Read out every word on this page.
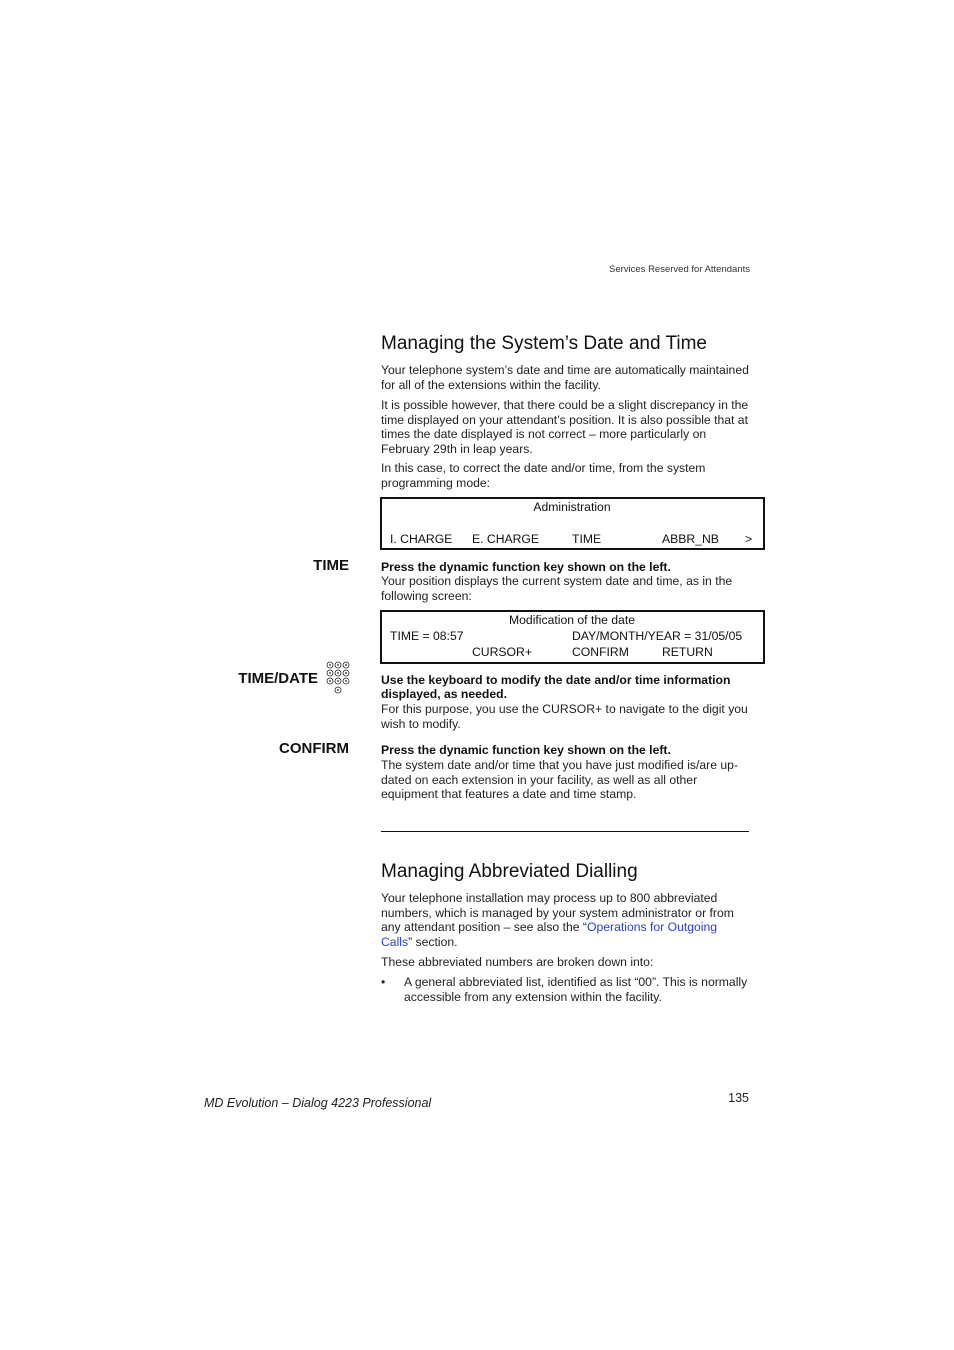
Services Reserved for Attendants
Managing the System’s Date and Time

Your telephone system’s date and time are automatically maintained for all of the extensions within the facility.

It is possible however, that there could be a slight discrepancy in the time displayed on your attendant’s position. It is also possible that at times the date displayed is not correct – more particularly on February 29th in leap years.

In this case, to correct the date and/or time, from the system programming mode:

Administration
I. CHARGE E. CHARGE	TIME	ABBR_NB >
TIME	Press the dynamic function key shown on the left.

Your position displays the current system date and time, as in the following screen:

Modification of the date
TIME = 08:57	DAY/MONTH/YEAR = 31/05/05
CURSOR+	CONFIRM	RETURN
TIME/DATE	Use the keyboard to modify the date and/or time information displayed, as needed.

For this purpose, you use the CURSOR+ to navigate to the digit you wish to modify.

CONFIRM	Press the dynamic function key shown on the left.

The system date and/or time that you have just modified is/are up-dated on each extension in your facility, as well as all other equipment that features a date and time stamp.

Managing Abbreviated Dialling

Your telephone installation may process up to 800 abbreviated numbers, which is managed by your system administrator or from any attendant position – see also the “Operations for Outgoing Calls” section.

These abbreviated numbers are broken down into:

• A general abbreviated list, identified as list “00”. This is normally accessible from any extension within the facility.

MD Evolution – Dialog 4223 Professional	135
